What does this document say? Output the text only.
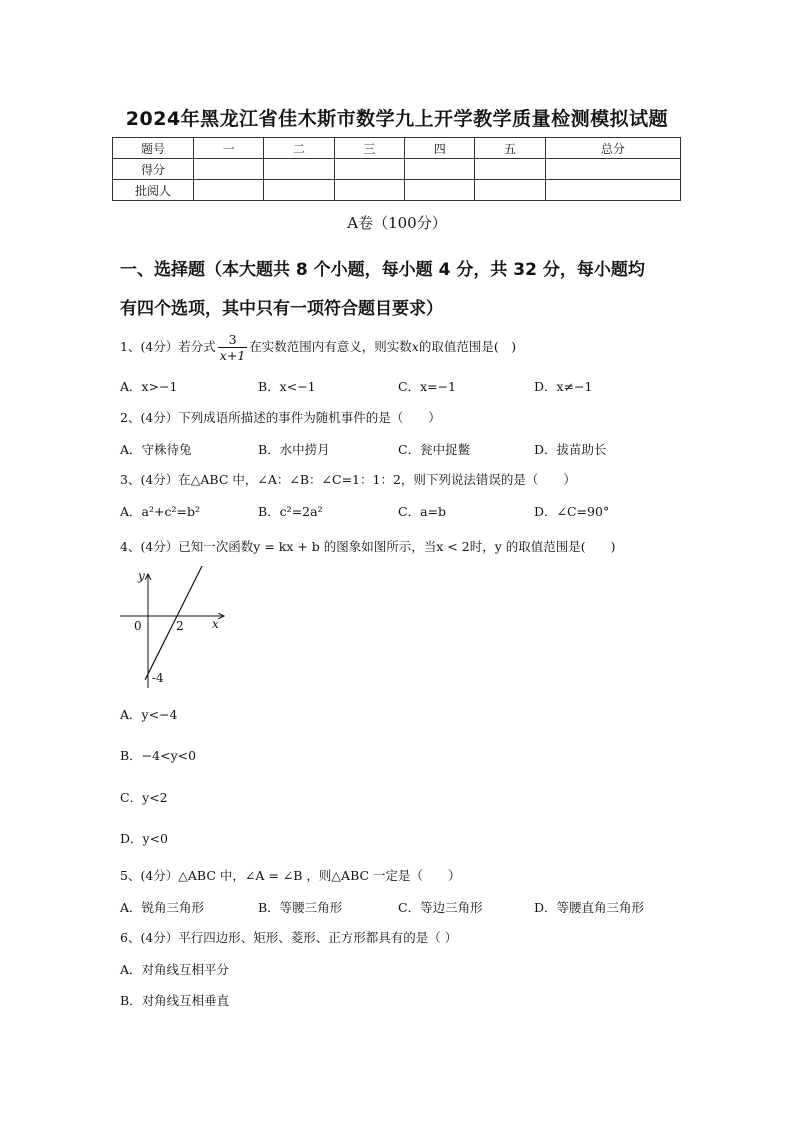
2024年黑龙江省佳木斯市数学九上开学教学质量检测模拟试题
题号	一	二	三	四	五	总分
得分						
批阅人						
A卷（100分）
一、选择题（本大题共 8 个小题，每小题 4 分，共 32 分，每小题均
有四个选项，其中只有一项符合题目要求）
1、(4分）若分式 $\frac{3}{x+1}$ 在实数范围内有意义，则实数x的取值范围是(　)
A．x>−1	B．x<−1	C．x=−1	D．x≠−1
2、(4分）下列成语所描述的事件为随机事件的是（　　）
A．守株待兔	B．水中捞月	C．瓮中捉鳖	D．拔苗助长
3、(4分）在△ABC 中，∠A：∠B：∠C=1：1：2，则下列说法错误的是（　　）
A．a²+c²=b²	B．c²=2a²	C．a=b	D．∠C=90°
4、(4分）已知一次函数y = kx + b 的图象如图所示，当x < 2时，y 的取值范围是(　　)
y
x
0	2
-4
A．y<−4
B．−4<y<0
C．y<2
D．y<0
5、(4分）△ABC 中，∠A = ∠B ，则△ABC 一定是（　　）
A．锐角三角形	B．等腰三角形	C．等边三角形	D．等腰直角三角形
6、(4分）平行四边形、矩形、菱形、正方形都具有的是（ ）
A．对角线互相平分
B．对角线互相垂直
